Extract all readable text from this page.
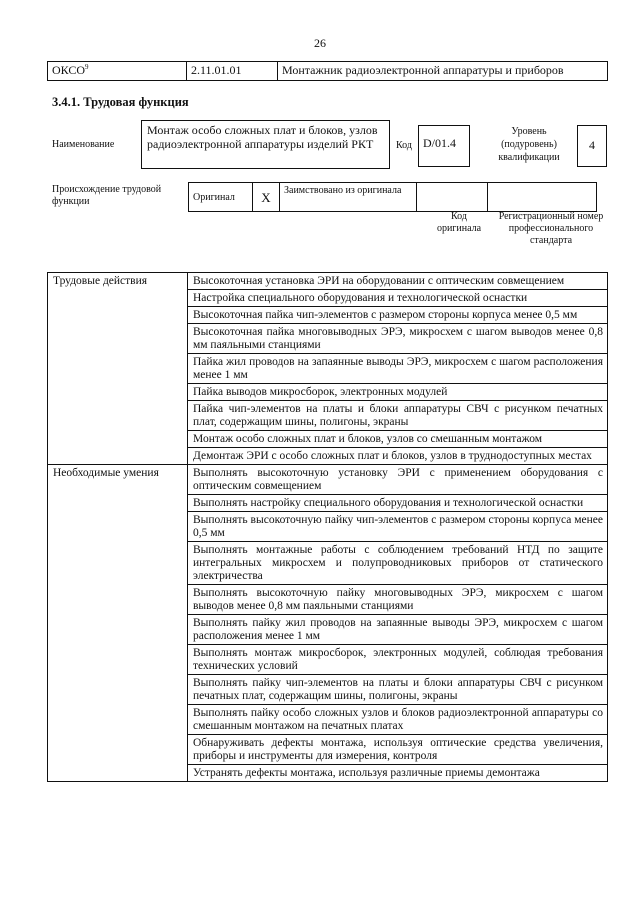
26
ОКСО$^9$	2.11.01.01	Монтажник радиоэлектронной аппаратуры и приборов
3.4.1. Трудовая функция
Наименование
Монтаж особо сложных плат и блоков, узлов радиоэлектронной аппаратуры изделий РКТ	Код D/01.4
Уровень (подуровень) квалификации
4
Происхождение трудовой функции	Оригинал	X	Заимствовано из оригинала		
Код оригинала
Регистрационный номер профессионального стандарта
Трудовые действия	Высокоточная установка ЭРИ на оборудовании с оптическим совмещением
	Настройка специального оборудования и технологической оснастки
	Высокоточная пайка чип-элементов с размером стороны корпуса менее 0,5 мм
	Высокоточная пайка многовыводных ЭРЭ, микросхем с шагом выводов менее 0,8 мм паяльными станциями
	Пайка жил проводов на запаянные выводы ЭРЭ, микросхем с шагом расположения менее 1 мм
	Пайка выводов микросборок, электронных модулей
	Пайка чип-элементов на платы и блоки аппаратуры СВЧ с рисунком печатных плат, содержащим шины, полигоны, экраны
	Монтаж особо сложных плат и блоков, узлов со смешанным монтажом
	Демонтаж ЭРИ с особо сложных плат и блоков, узлов в труднодоступных местах
Необходимые умения	Выполнять высокоточную установку ЭРИ с применением оборудования с оптическим совмещением
	Выполнять настройку специального оборудования и технологической оснастки
	Выполнять высокоточную пайку чип-элементов с размером стороны корпуса менее 0,5 мм
	Выполнять монтажные работы с соблюдением требований НТД по защите интегральных микросхем и полупроводниковых приборов от статического электричества
	Выполнять высокоточную пайку многовыводных ЭРЭ, микросхем с шагом выводов менее 0,8 мм паяльными станциями
	Выполнять пайку жил проводов на запаянные выводы ЭРЭ, микросхем с шагом расположения менее 1 мм
	Выполнять монтаж микросборок, электронных модулей, соблюдая требования технических условий
	Выполнять пайку чип-элементов на платы и блоки аппаратуры СВЧ с рисунком печатных плат, содержащим шины, полигоны, экраны
	Выполнять пайку особо сложных узлов и блоков радиоэлектронной аппаратуры со смешанным монтажом на печатных платах
	Обнаруживать дефекты монтажа, используя оптические средства увеличения, приборы и инструменты для измерения, контроля
	Устранять дефекты монтажа, используя различные приемы демонтажа
